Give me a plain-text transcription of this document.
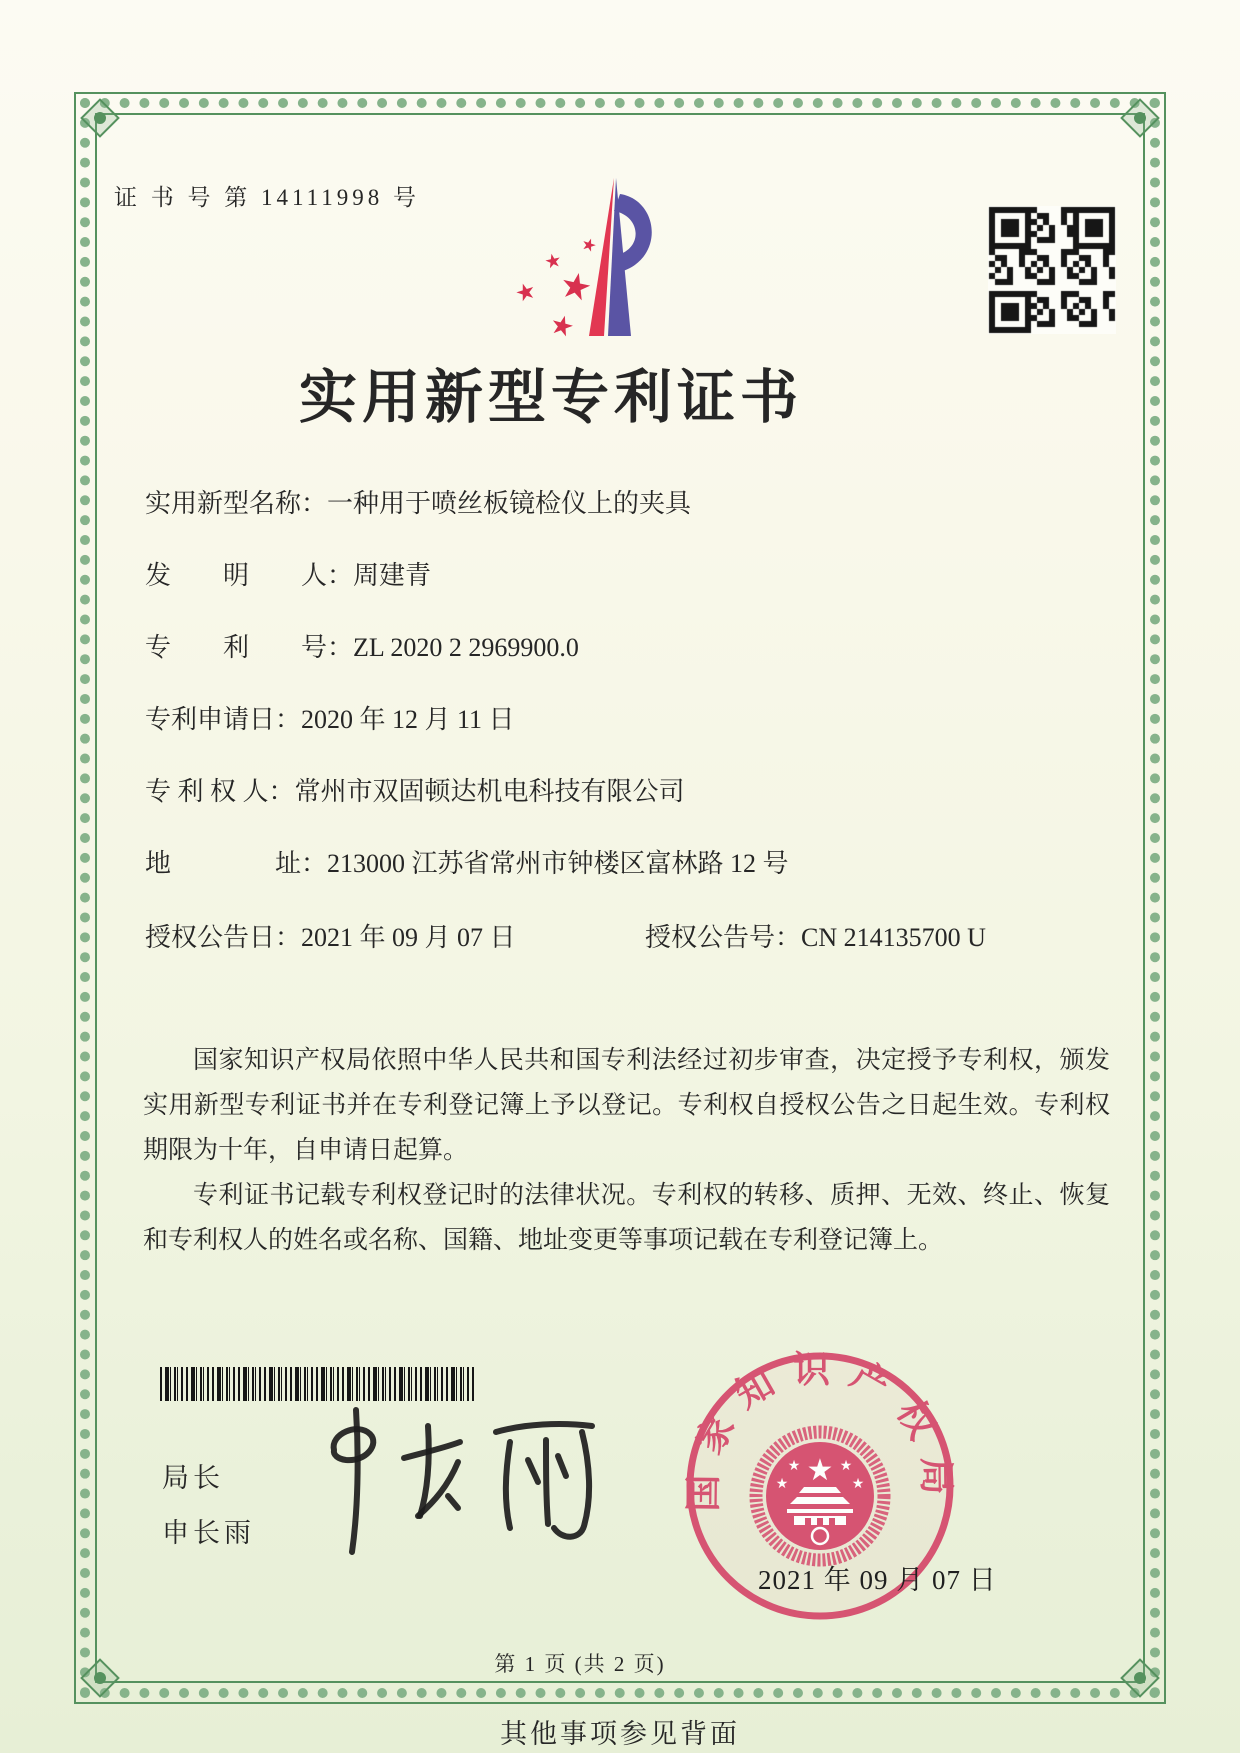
证 书 号 第 14111998 号
★
★
★
★
★
实用新型专利证书
实用新型名称：一种用于喷丝板镜检仪上的夹具
发　　明　　人：周建青
专　　利　　号：ZL 2020 2 2969900.0
专利申请日：2020 年 12 月 11 日
专 利 权 人：常州市双固顿达机电科技有限公司
地　　　　址：213000 江苏省常州市钟楼区富林路 12 号
授权公告日：2021 年 09 月 07 日	授权公告号：CN 214135700 U

国家知识产权局依照中华人民共和国专利法经过初步审查，决定授予专利权，颁发实用新型专利证书并在专利登记簿上予以登记。专利权自授权公告之日起生效。专利权期限为十年，自申请日起算。

专利证书记载专利权登记时的法律状况。专利权的转移、质押、无效、终止、恢复和专利权人的姓名或名称、国籍、地址变更等事项记载在专利登记簿上。

局长
申长雨
国家知识产权局
★
★	★
★	★
2021 年 09 月 07 日
第 1 页 (共 2 页)
其他事项参见背面
